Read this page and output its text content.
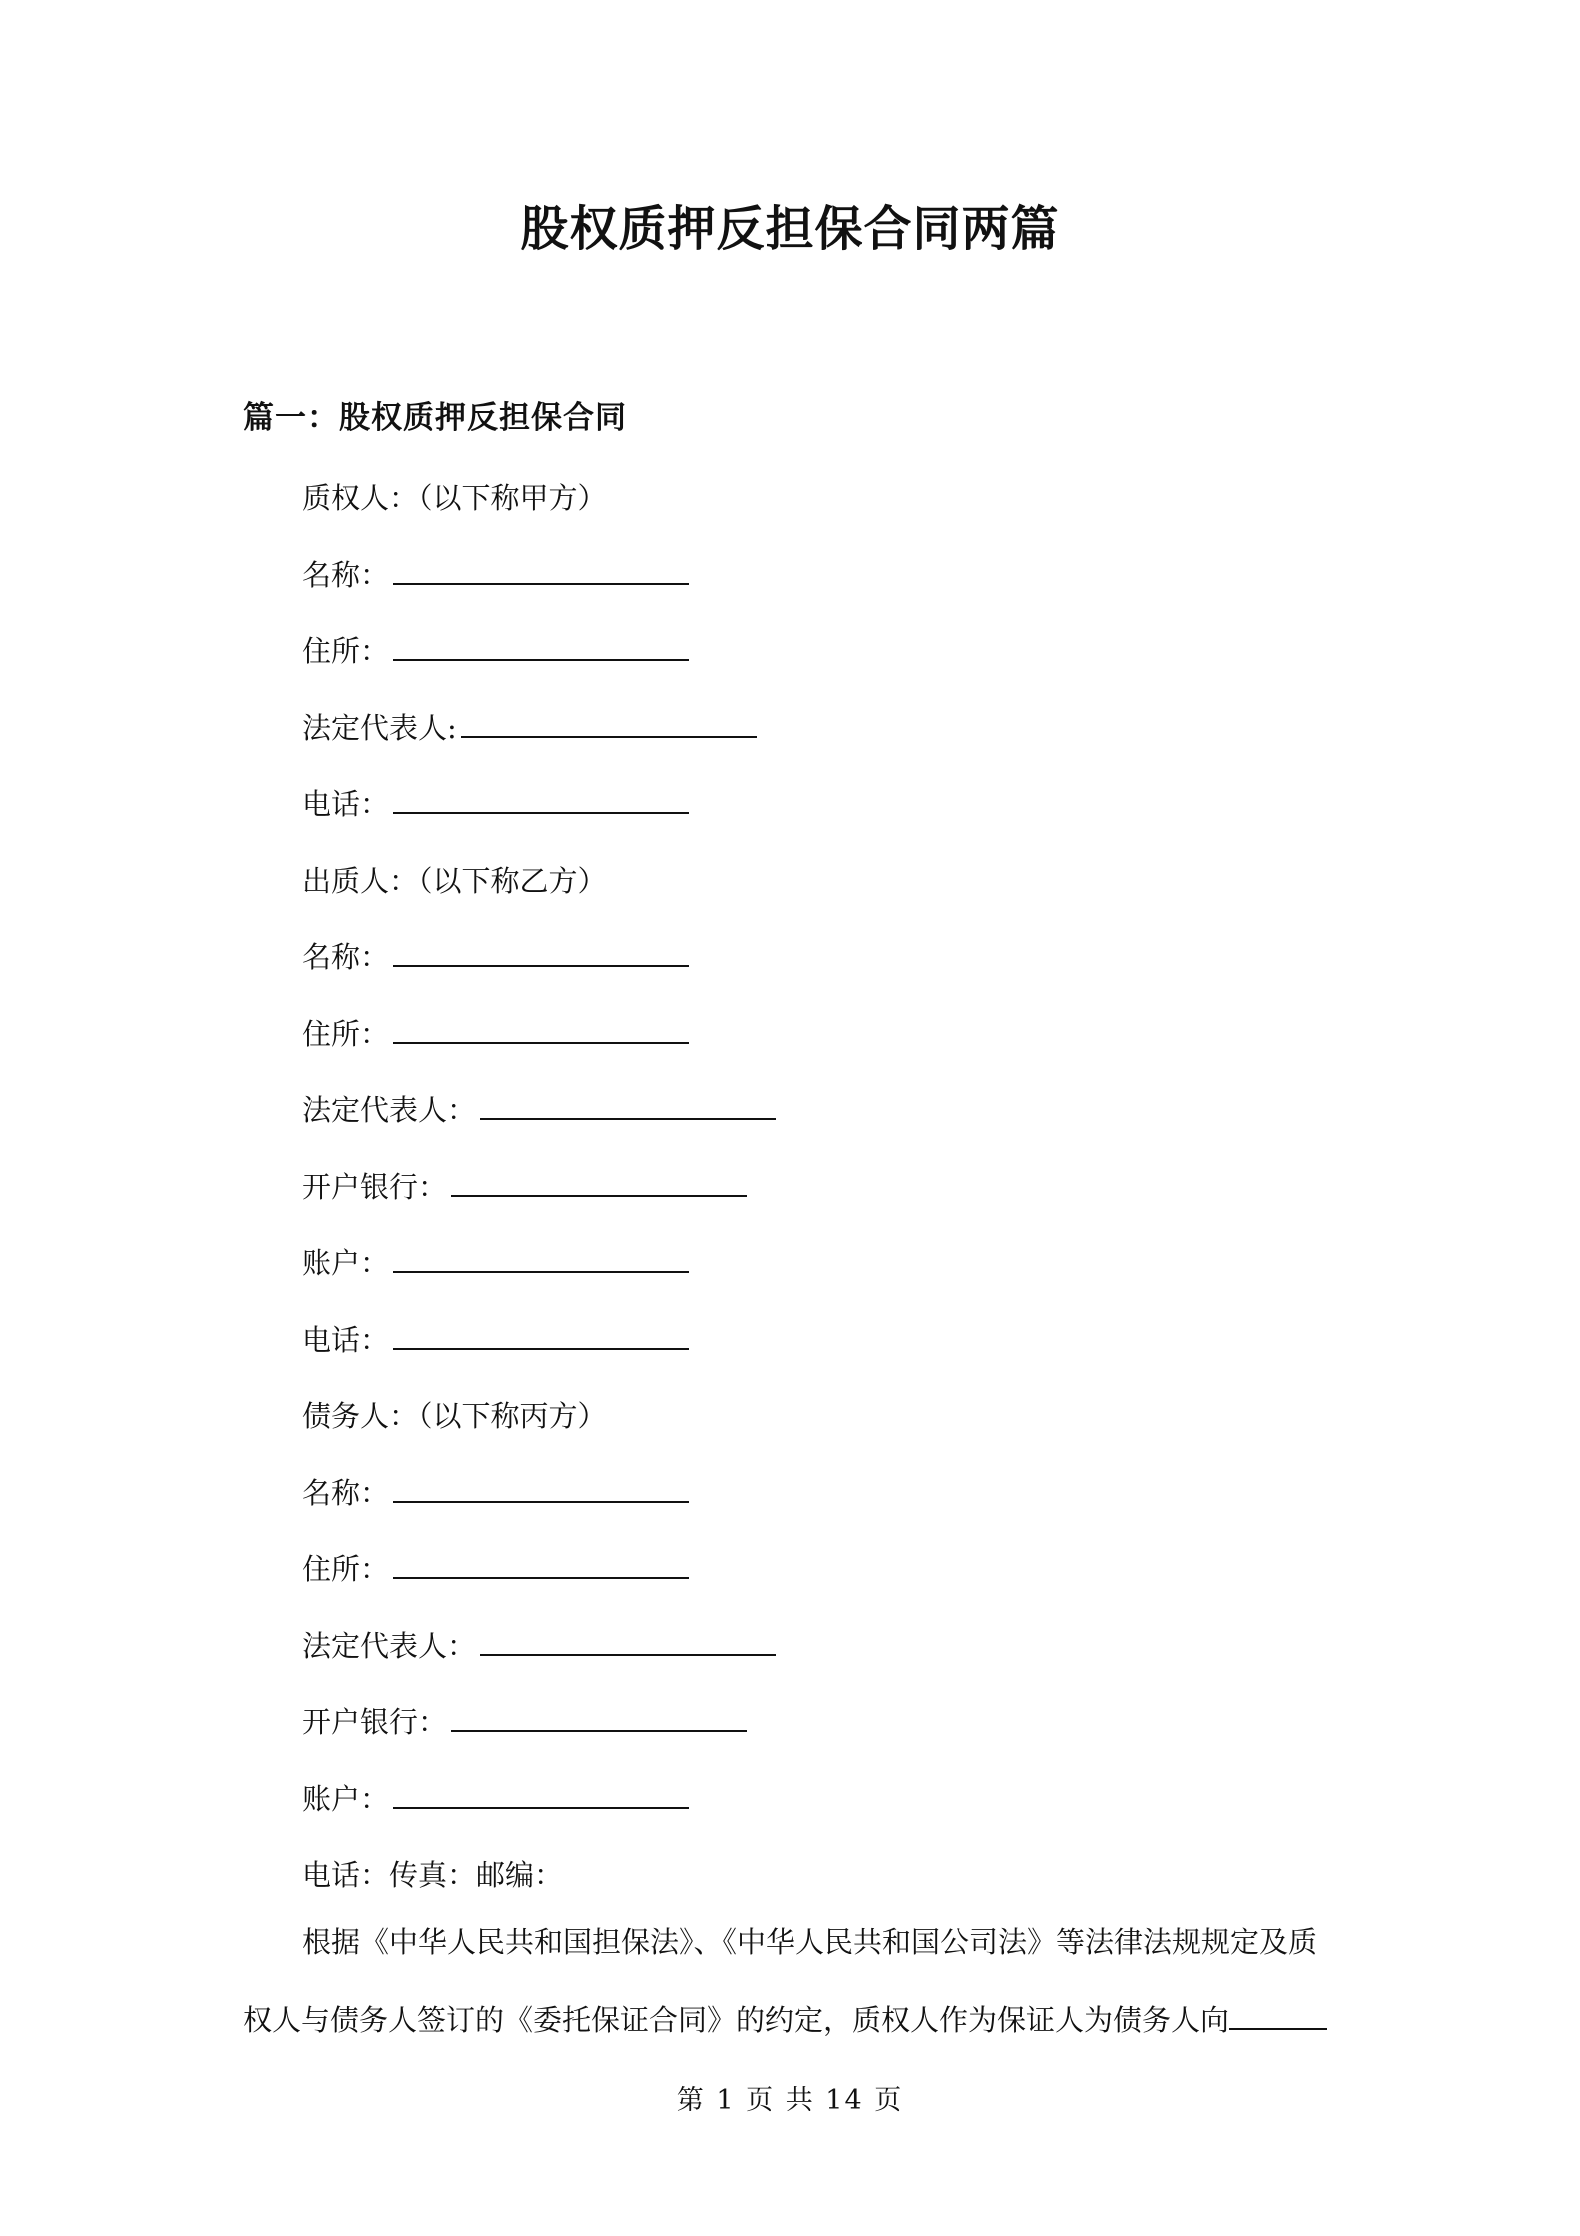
股权质押反担保合同两篇
篇一：股权质押反担保合同
质权人：（以下称甲方）
名称：
住所：
法定代表人:
电话：
出质人：（以下称乙方）
名称：
住所：
法定代表人：
开户银行：
账户：
电话：
债务人：（以下称丙方）
名称：
住所：
法定代表人：
开户银行：
账户：
电话：传真：邮编：
根据《中华人民共和国担保法》、《中华人民共和国公司法》等法律法规规定及质
权人与债务人签订的《委托保证合同》的约定，质权人作为保证人为债务人向
第 1 页 共 14 页
